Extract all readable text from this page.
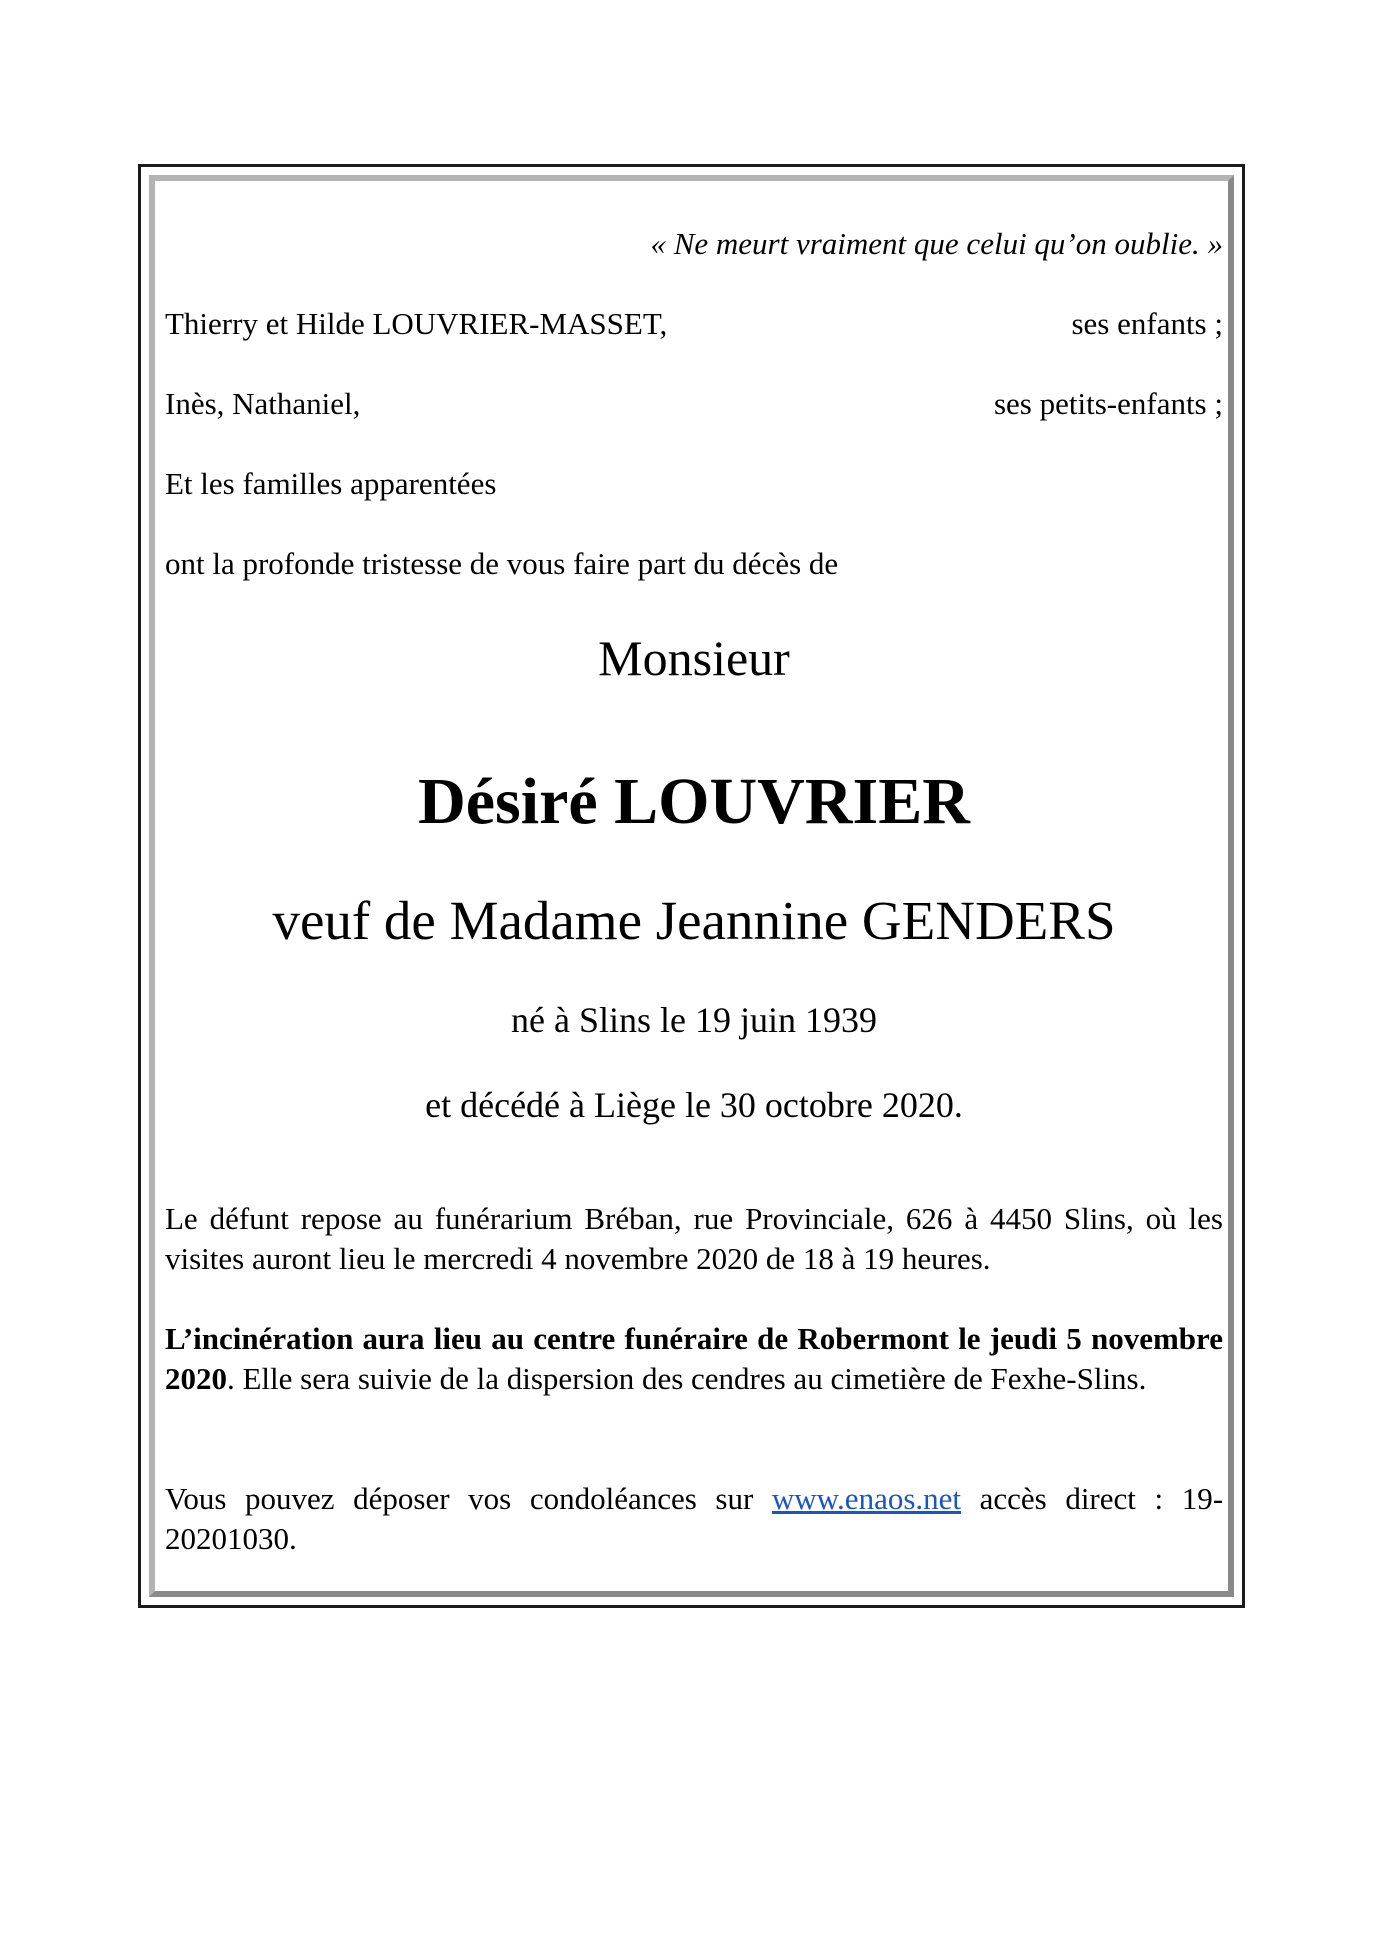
« Ne meurt vraiment que celui qu’on oublie. »
Thierry et Hilde LOUVRIER-MASSET,	ses enfants ;
Inès, Nathaniel,	ses petits-enfants ;
Et les familles apparentées
ont la profonde tristesse de vous faire part du décès de
Monsieur
Désiré LOUVRIER
veuf de Madame Jeannine GENDERS
né à Slins le 19 juin 1939
et décédé à Liège le 30 octobre 2020.
Le défunt repose au funérarium Bréban, rue Provinciale, 626 à 4450 Slins, où les visites auront lieu le mercredi 4 novembre 2020 de 18 à 19 heures.
L’incinération aura lieu au centre funéraire de Robermont le jeudi 5 novembre 2020. Elle sera suivie de la dispersion des cendres au cimetière de Fexhe-Slins.
Vous pouvez déposer vos condoléances sur www.enaos.net accès direct : 19-20201030.
